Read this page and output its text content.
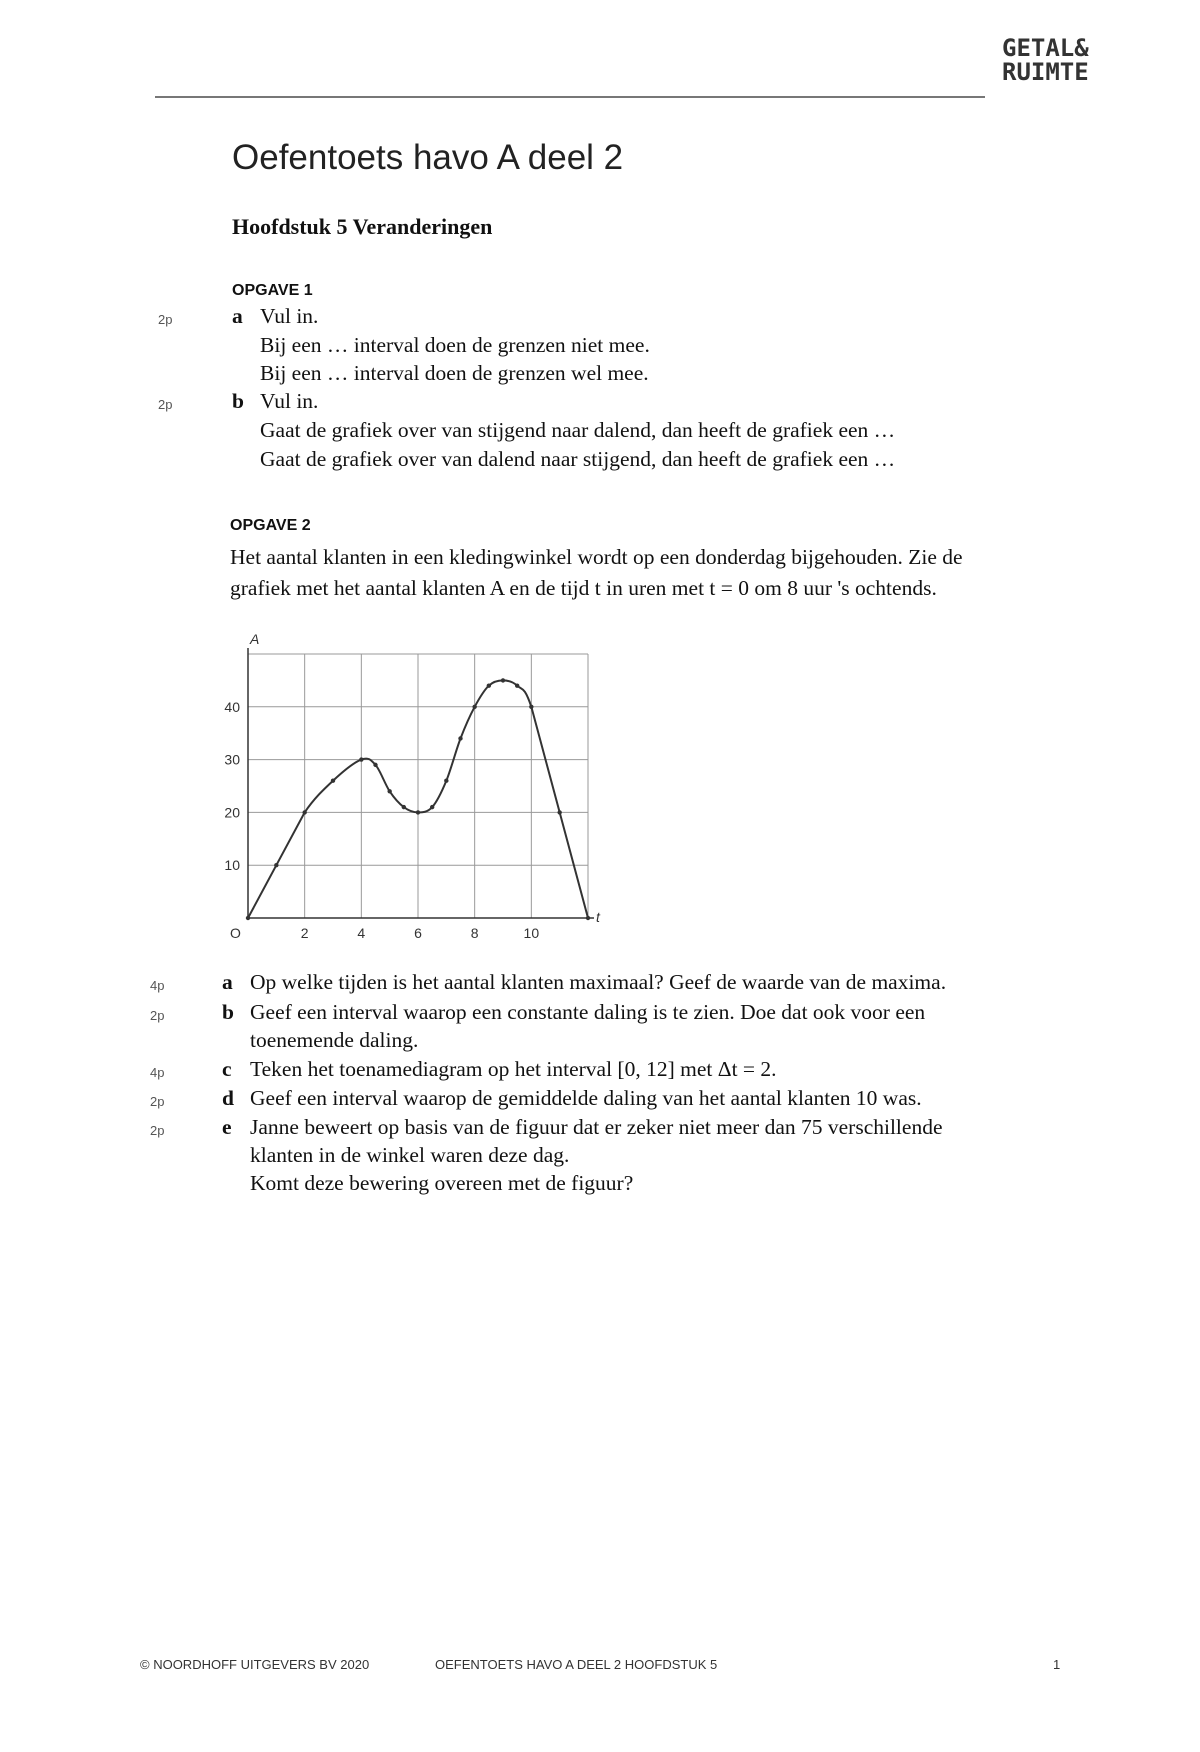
GETAL&
RUIMTE
Oefentoets havo A deel 2
Hoofdstuk 5 Veranderingen
OPGAVE 1
2p	a Vul in.
Bij een … interval doen de grenzen niet mee.
Bij een … interval doen de grenzen wel mee.
2p	b Vul in.
Gaat de grafiek over van stijgend naar dalend, dan heeft de grafiek een …
Gaat de grafiek over van dalend naar stijgend, dan heeft de grafiek een …
OPGAVE 2
Het aantal klanten in een kledingwinkel wordt op een donderdag bijgehouden. Zie de
grafiek met het aantal klanten A en de tijd t in uren met t = 0 om 8 uur 's ochtends.
t
A
O	2	4	6	8	10
10
20
30
40
4p	a Op welke tijden is het aantal klanten maximaal? Geef de waarde van de maxima.
2p	b Geef een interval waarop een constante daling is te zien. Doe dat ook voor een
toenemende daling.
4p	c Teken het toenamediagram op het interval [0, 12] met Δt = 2.
2p	d Geef een interval waarop de gemiddelde daling van het aantal klanten 10 was.
2p	e Janne beweert op basis van de figuur dat er zeker niet meer dan 75 verschillende
klanten in de winkel waren deze dag.
Komt deze bewering overeen met de figuur?
© NOORDHOFF UITGEVERS BV 2020	OEFENTOETS HAVO A DEEL 2 HOOFDSTUK 5	1
